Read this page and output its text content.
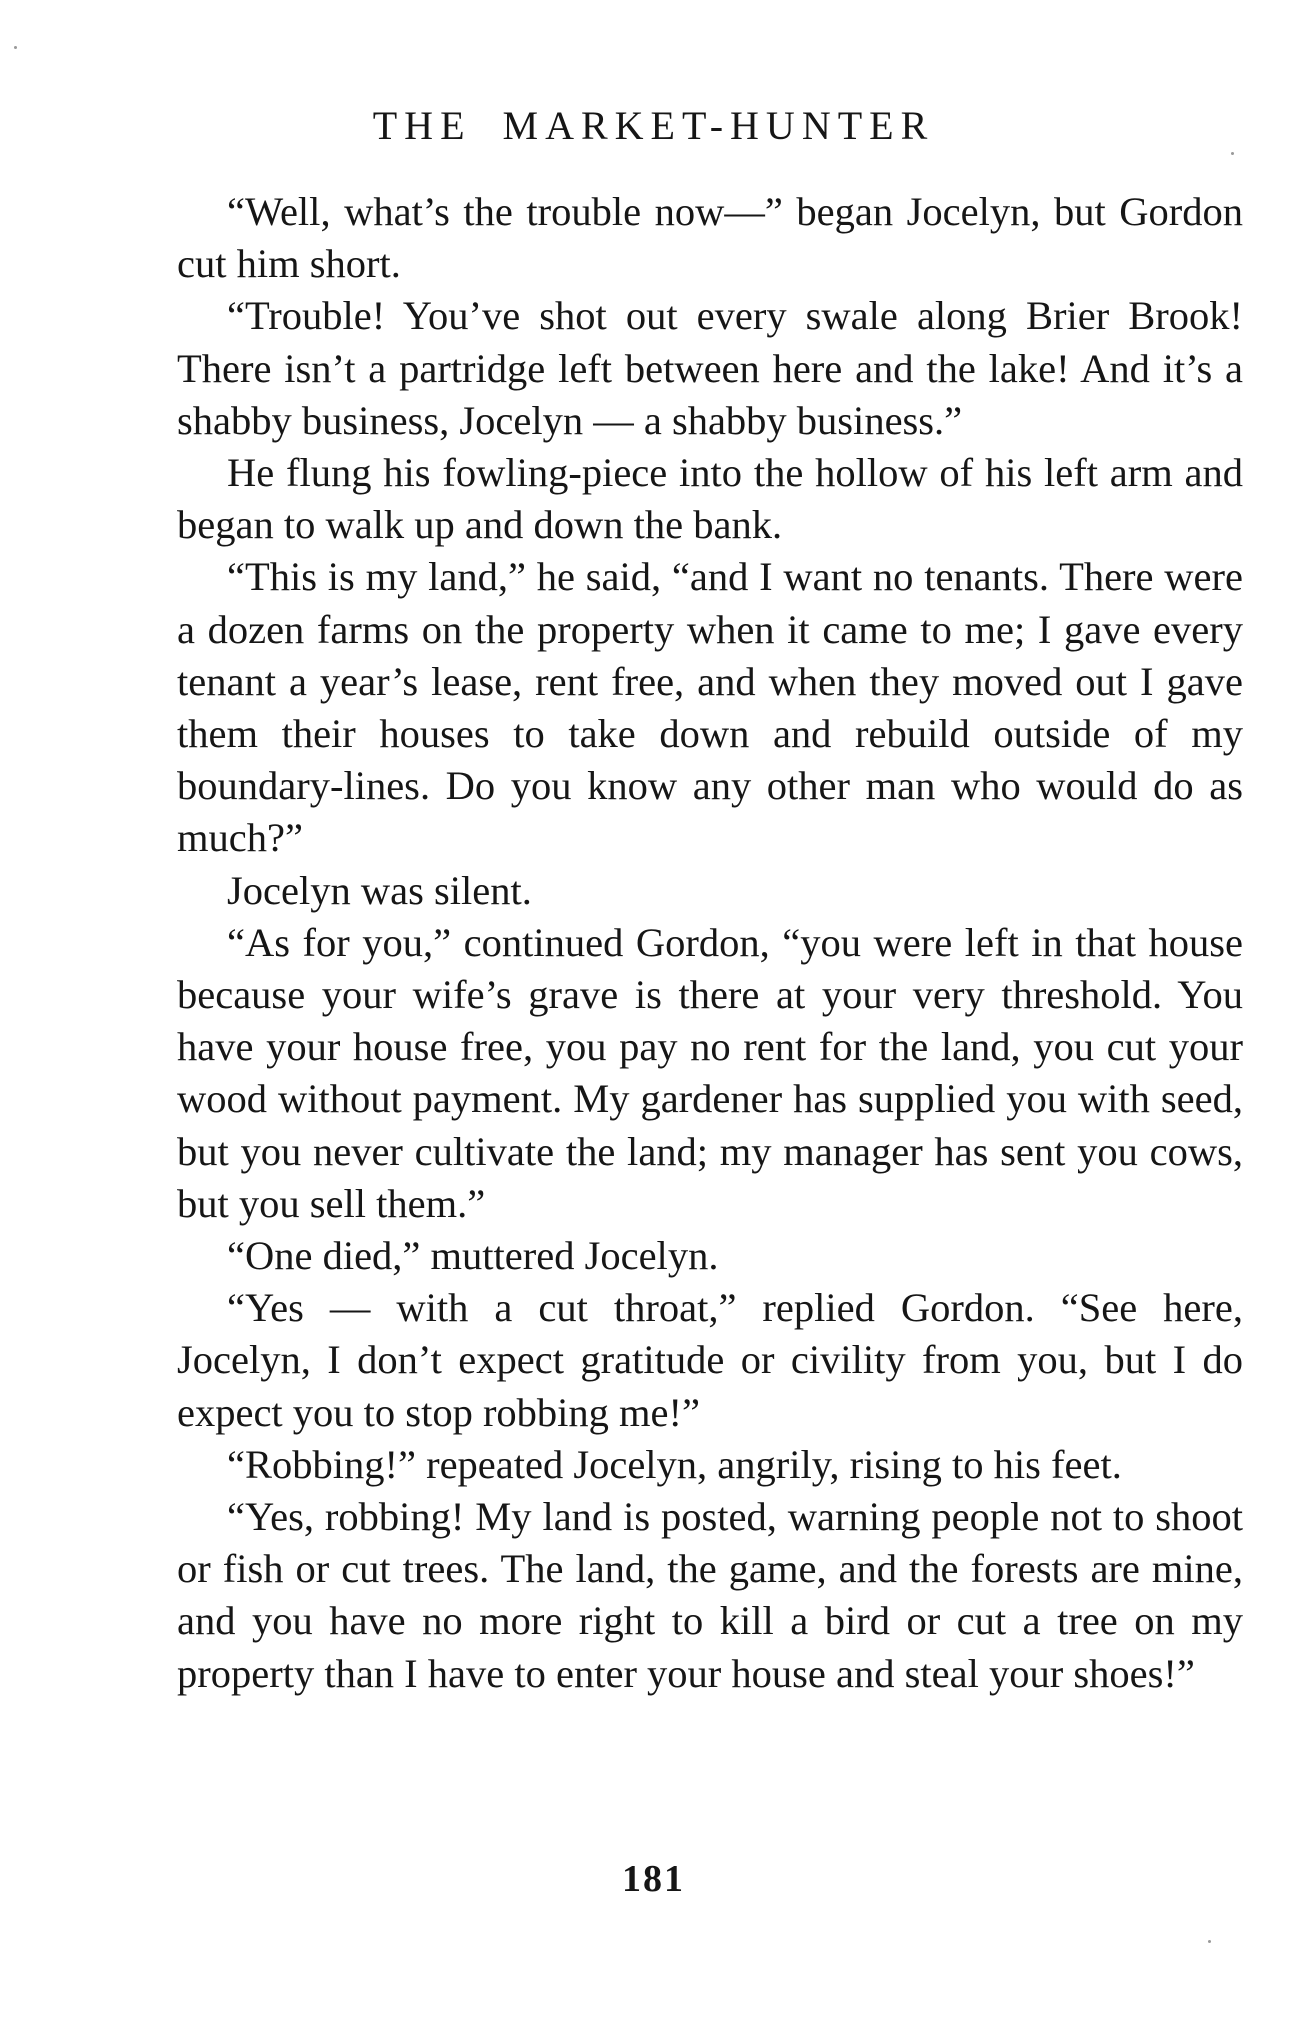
THE MARKET-HUNTER

“Well, what’s the trouble now—” began Jocelyn, but Gordon cut him short.

“Trouble! You’ve shot out every swale along Brier Brook! There isn’t a partridge left between here and the lake! And it’s a shabby business, Jocelyn — a shabby business.”

He flung his fowling-piece into the hollow of his left arm and began to walk up and down the bank.

“This is my land,” he said, “and I want no tenants. There were a dozen farms on the property when it came to me; I gave every tenant a year’s lease, rent free, and when they moved out I gave them their houses to take down and rebuild outside of my boundary-lines. Do you know any other man who would do as much?”

Jocelyn was silent.

“As for you,” continued Gordon, “you were left in that house because your wife’s grave is there at your very threshold. You have your house free, you pay no rent for the land, you cut your wood without payment. My gardener has supplied you with seed, but you never cultivate the land; my manager has sent you cows, but you sell them.”

“One died,” muttered Jocelyn.

“Yes — with a cut throat,” replied Gordon. “See here, Jocelyn, I don’t expect gratitude or civility from you, but I do expect you to stop robbing me!”

“Robbing!” repeated Jocelyn, angrily, rising to his feet.

“Yes, robbing! My land is posted, warning people not to shoot or fish or cut trees. The land, the game, and the forests are mine, and you have no more right to kill a bird or cut a tree on my property than I have to enter your house and steal your shoes!”

181
